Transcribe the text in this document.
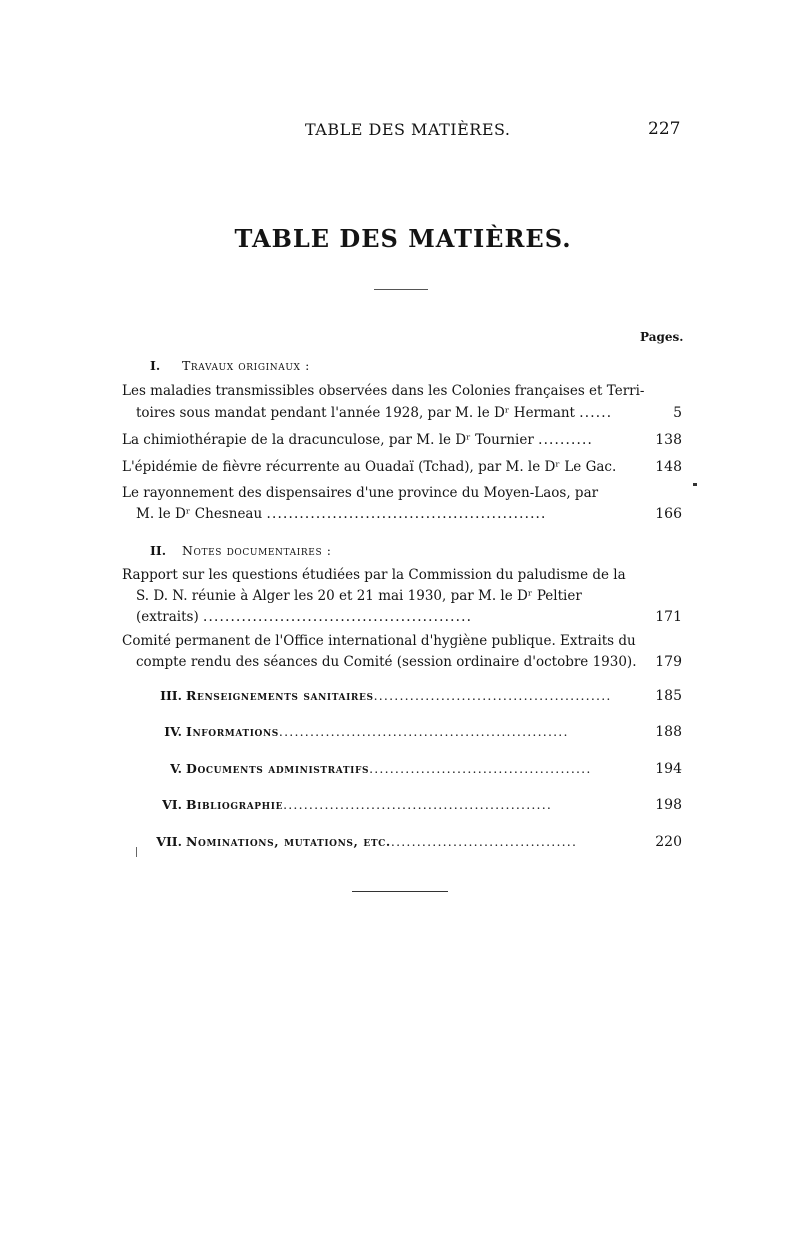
TABLE DES MATIÈRES.	227
TABLE DES MATIÈRES.
Pages.
I. Travaux originaux :
Les maladies transmissibles observées dans les Colonies françaises et Terri-
toires sous mandat pendant l'année 1928, par M. le Dʳ Hermant ......	5
La chimiothérapie de la dracunculose, par M. le Dʳ Tournier ..........	138
L'épidémie de fièvre récurrente au Ouadaï (Tchad), par M. le Dʳ Le Gac.	148
Le rayonnement des dispensaires d'une province du Moyen-Laos, par
M. le Dʳ Chesneau ...................................................	166
II. Notes documentaires :
Rapport sur les questions étudiées par la Commission du paludisme de la
S. D. N. réunie à Alger les 20 et 21 mai 1930, par M. le Dʳ Peltier
(extraits) .................................................	171
Comité permanent de l'Office international d'hygiène publique. Extraits du
compte rendu des séances du Comité (session ordinaire d'octobre 1930).	179
III. Renseignements sanitaires..............................................	185
IV. Informations........................................................	188
V. Documents administratifs...........................................	194
VI. Bibliographie....................................................	198
VII. Nominations, mutations, etc.....................................	220
